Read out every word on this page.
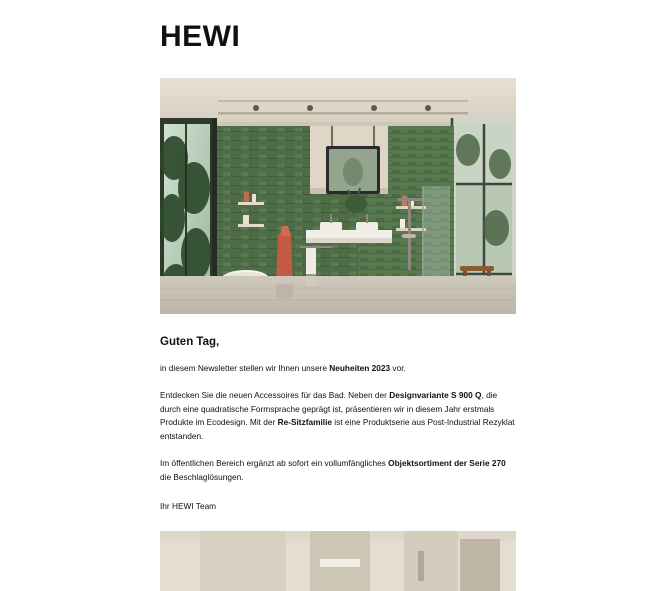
HEWI
Guten Tag,
in diesem Newsletter stellen wir Ihnen unsere Neuheiten 2023 vor.
Entdecken Sie die neuen Accessoires für das Bad. Neben der Designvariante S 900 Q, die durch eine quadratische Formsprache geprägt ist, präsentieren wir in diesem Jahr erstmals Produkte im Ecodesign. Mit der Re-Sitzfamilie ist eine Produktserie aus Post-Industrial Rezyklat entstanden.
Im öffentlichen Bereich ergänzt ab sofort ein vollumfängliches Objektsortiment der Serie 270 die Beschlaglösungen.
Ihr HEWI Team
